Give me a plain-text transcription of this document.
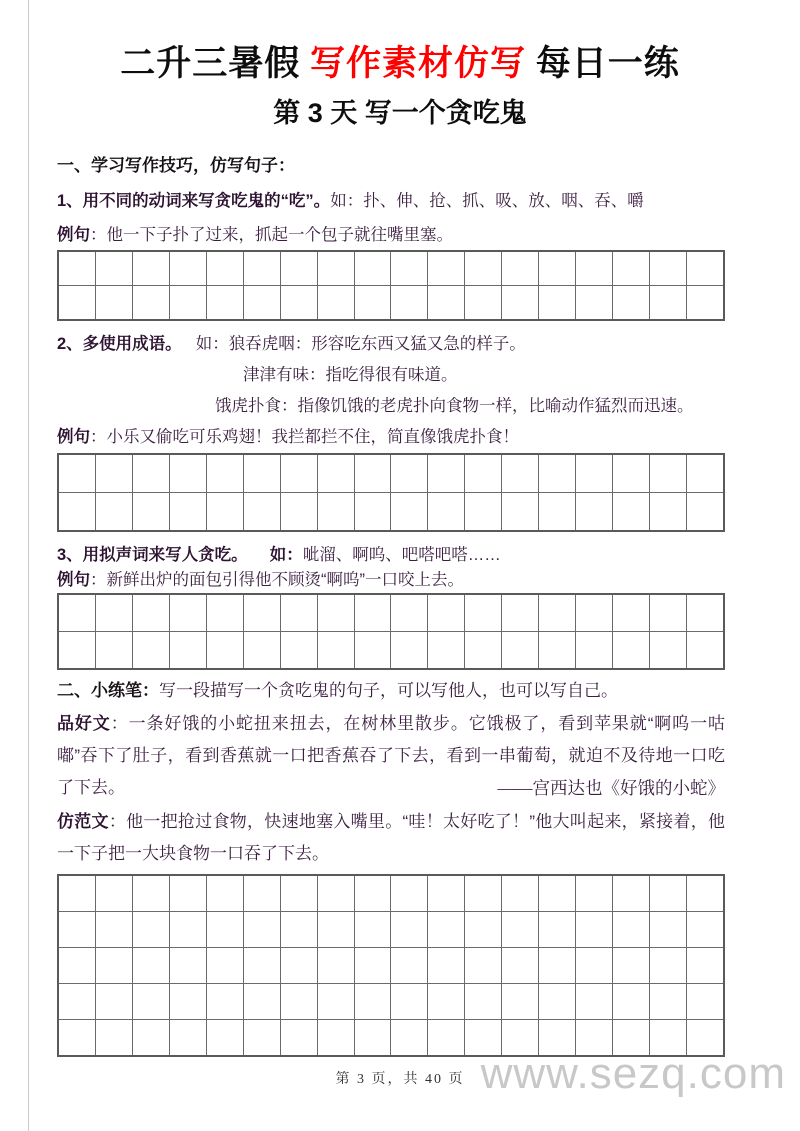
二升三暑假 写作素材仿写 每日一练
第 3 天 写一个贪吃鬼
一、学习写作技巧，仿写句子：
1、用不同的动词来写贪吃鬼的“吃”。如：扑、伸、抢、抓、吸、放、咽、吞、嚼
例句：他一下子扑了过来，抓起一个包子就往嘴里塞。
2、多使用成语。 如：狼吞虎咽：形容吃东西又猛又急的样子。
津津有味：指吃得很有味道。
饿虎扑食：指像饥饿的老虎扑向食物一样，比喻动作猛烈而迅速。
例句：小乐又偷吃可乐鸡翅！我拦都拦不住，简直像饿虎扑食！
3、用拟声词来写人贪吃。 如：呲溜、啊呜、吧嗒吧嗒……
例句：新鲜出炉的面包引得他不顾烫“啊呜”一口咬上去。
二、小练笔：写一段描写一个贪吃鬼的句子，可以写他人，也可以写自己。

品好文：一条好饿的小蛇扭来扭去，在树林里散步。它饿极了，看到苹果就“啊呜一咕嘟”吞下了肚子，看到香蕉就一口把香蕉吞了下去，看到一串葡萄，就迫不及待地一口吃了下去。	——宫西达也《好饿的小蛇》

仿范文：他一把抢过食物，快速地塞入嘴里。“哇！太好吃了！”他大叫起来，紧接着，他一下子把一大块食物一口吞了下去。

第 3 页，共 40 页 www.sezq.com
